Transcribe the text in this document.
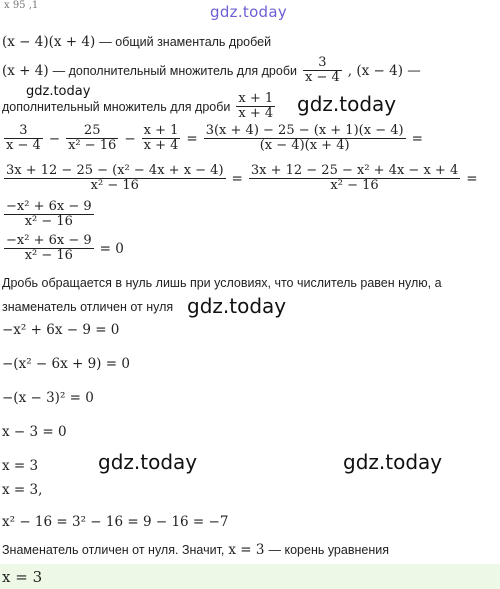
x 95 ,1	gdz.today
(x − 4)(x + 4) — общий знаменталь дробей
(x + 4) — дополнительный множитель для дроби $\frac{3}{x - 4}$ , (x − 4) —
gdz.today
дополнительный множитель для дроби $\frac{x + 1}{x + 4}$ gdz.today
$\frac{3}{x - 4} - \frac{25}{\text{x² − 16}} - \frac{x + 1}{x + 4} = \frac{3(x + 4) - 25 - (x + 1)(x - 4)}{(x - 4)(x + 4)}$ =
$\frac{\text{3x + 12 − 25 − (x² − 4x + x − 4)}}{\text{x² − 16}} = \frac{\text{3x + 12 − 25 − x² + 4x − x + 4}}{\text{x² − 16}}$ =
$\frac{\text{−x² + 6x − 9}}{\text{x² − 16}}$
$\frac{\text{−x² + 6x − 9}}{\text{x² − 16}} = 0$
Дробь обращается в нуль лишь при условиях, что числитель равен нулю, а
знаменатель отличен от нуля gdz.today
−x² + 6x − 9 = 0
−(x² − 6x + 9) = 0
−(x − 3)² = 0
x − 3 = 0
x = 3	gdz.today	gdz.today
x = 3,
x² − 16 = 3² − 16 = 9 − 16 = −7
Знаменатель отличен от нуля. Значит, x = 3 — корень уравнения
x = 3
